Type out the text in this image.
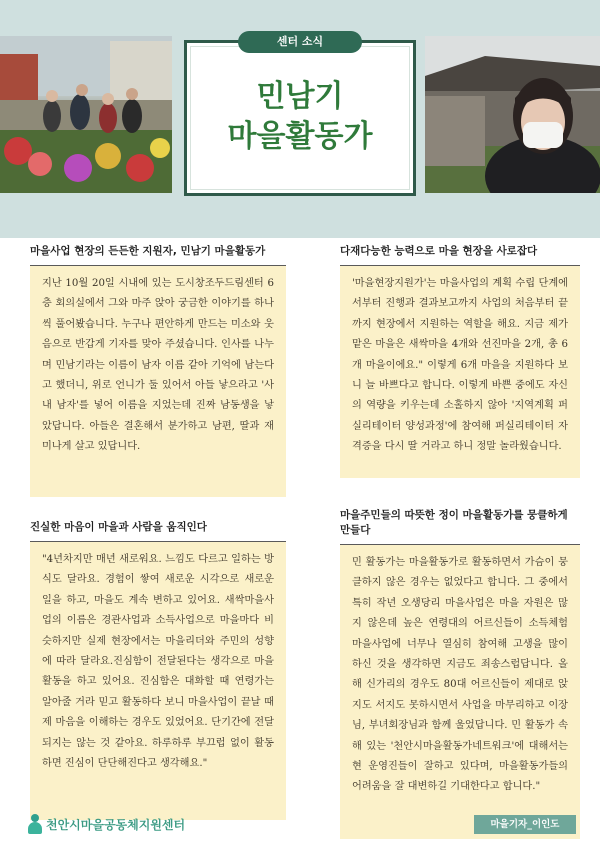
센터 소식
민남기
마을활동가
마을사업 현장의 든든한 지원자, 민남기 마을활동가
지난 10월 20일 시내에 있는 도시창조두드림센터 6층 회의실에서 그와 마주 앉아 궁금한 이야기를 하나씩 풀어봤습니다. 누구나 편안하게 만드는 미소와 웃음으로 반갑게 기자를 맞아 주셨습니다. 인사를 나누며 민남기라는 이름이 남자 이름 같아 기억에 남는다고 했더니, 위로 언니가 둘 있어서 아들 낳으라고 '사내 남자'를 넣어 이름을 지었는데 진짜 남동생을 낳았답니다. 아들은 결혼해서 분가하고 남편, 딸과 재미나게 살고 있답니다.
다재다능한 능력으로 마을 현장을 사로잡다
'마을현장지원가'는 마을사업의 계획 수립 단계에서부터 진행과 결과보고까지 사업의 처음부터 끝까지 현장에서 지원하는 역할을 해요. 지금 제가 맡은 마을은 새싹마을 4개와 선진마을 2개, 총 6개 마을이에요." 이렇게 6개 마을을 지원하다 보니 늘 바쁘다고 합니다. 이렇게 바쁜 중에도 자신의 역량을 키우는데 소홀하지 않아 '지역계획 퍼실리테이터 양성과정'에 참여해 퍼실리테이터 자격증을 다시 딸 거라고 하니 정말 놀라웠습니다.
진실한 마음이 마을과 사람을 움직인다
"4년차지만 매년 새로워요. 느낌도 다르고 일하는 방식도 달라요. 경험이 쌓여 새로운 시각으로 새로운 일을 하고, 마을도 계속 변하고 있어요. 새싹마을사업의 이름은 경관사업과 소득사업으로 마을마다 비슷하지만 실제 현장에서는 마을리더와 주민의 성향에 따라 달라요.진심함이 전달된다는 생각으로 마을활동을 하고 있어요. 진심함은 대화할 때 연령가는 알아줄 거라 믿고 활동하다 보니 마을사업이 끝날 때 제 마음을 이해하는 경우도 있었어요. 단기간에 전달되지는 않는 것 같아요. 하루하루 부끄럽 없이 활동하면 진심이 단단해진다고 생각해요."
마을주민들의 따뜻한 정이 마을활동가를 뭉클하게 만들다
민 활동가는 마을활동가로 활동하면서 가슴이 뭉클하지 않은 경우는 없었다고 합니다. 그 중에서 특히 작년 오생당리 마을사업은 마을 자원은 많지 않은데 높은 연령대의 어르신들이 소득체험 마을사업에 너무나 열심히 참여해 고생을 많이 하신 것을 생각하면 지금도 죄송스럽답니다. 올해 신가리의 경우도 80대 어르신들이 제대로 앉지도 서지도 못하시면서 사업을 마무리하고 이장님, 부녀회장님과 함께 울었답니다. 민 활동가 속해 있는 '천안시마을활동가네트워크'에 대해서는 현 운영진들이 잘하고 있다며, 마을활동가들의 어려움을 잘 대변하길 기대한다고 합니다."
천안시마을공동체지원센터	마을기자_이인도
